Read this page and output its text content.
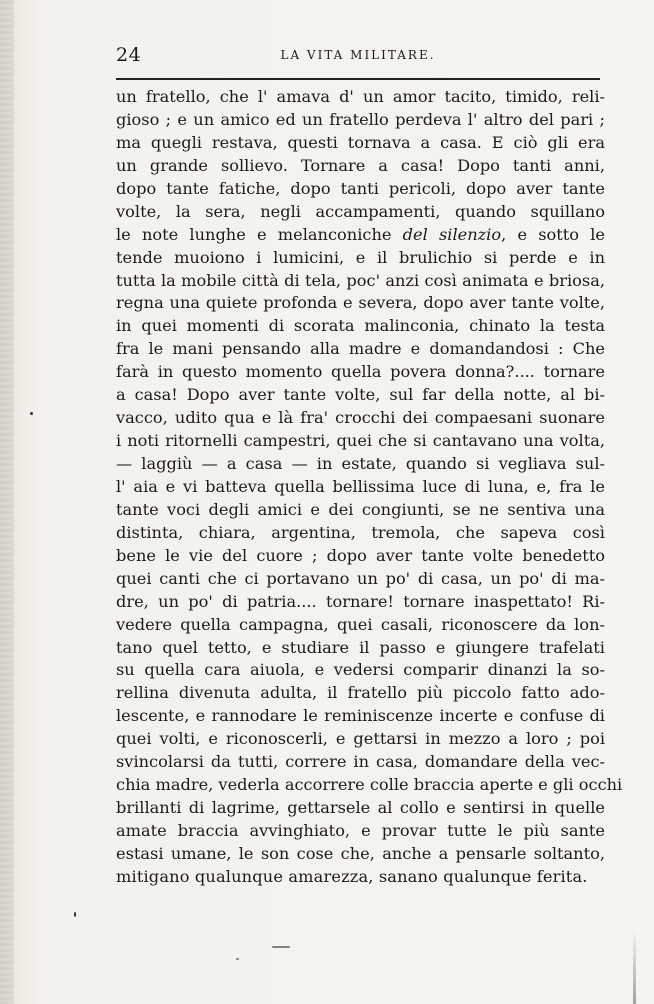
24	LA VITA MILITARE.
un fratello, che l' amava d' un amor tacito, timido, reli-
gioso ; e un amico ed un fratello perdeva l' altro del pari ;
ma quegli restava, questi tornava a casa. E ciò gli era
un grande sollievo. Tornare a casa! Dopo tanti anni,
dopo tante fatiche, dopo tanti pericoli, dopo aver tante
volte, la sera, negli accampamenti, quando squillano
le note lunghe e melanconiche del silenzio, e sotto le
tende muoiono i lumicini, e il brulichio si perde e in
tutta la mobile città di tela, poc' anzi così animata e briosa,
regna una quiete profonda e severa, dopo aver tante volte,
in quei momenti di scorata malinconia, chinato la testa
fra le mani pensando alla madre e domandandosi : Che
farà in questo momento quella povera donna?.... tornare
a casa! Dopo aver tante volte, sul far della notte, al bi-
vacco, udito qua e là fra' crocchi dei compaesani suonare
i noti ritornelli campestri, quei che si cantavano una volta,
— laggiù — a casa — in estate, quando si vegliava sul-
l' aia e vi batteva quella bellissima luce di luna, e, fra le
tante voci degli amici e dei congiunti, se ne sentiva una
distinta, chiara, argentina, tremola, che sapeva così
bene le vie del cuore ; dopo aver tante volte benedetto
quei canti che ci portavano un po' di casa, un po' di ma-
dre, un po' di patria.... tornare! tornare inaspettato! Ri-
vedere quella campagna, quei casali, riconoscere da lon-
tano quel tetto, e studiare il passo e giungere trafelati
su quella cara aiuola, e vedersi comparir dinanzi la so-
rellina divenuta adulta, il fratello più piccolo fatto ado-
lescente, e rannodare le reminiscenze incerte e confuse di
quei volti, e riconoscerli, e gettarsi in mezzo a loro ; poi
svincolarsi da tutti, correre in casa, domandare della vec-
chia madre, vederla accorrere colle braccia aperte e gli occhi
brillanti di lagrime, gettarsele al collo e sentirsi in quelle
amate braccia avvinghiato, e provar tutte le più sante
estasi umane, le son cose che, anche a pensarle soltanto,
mitigano qualunque amarezza, sanano qualunque ferita.
